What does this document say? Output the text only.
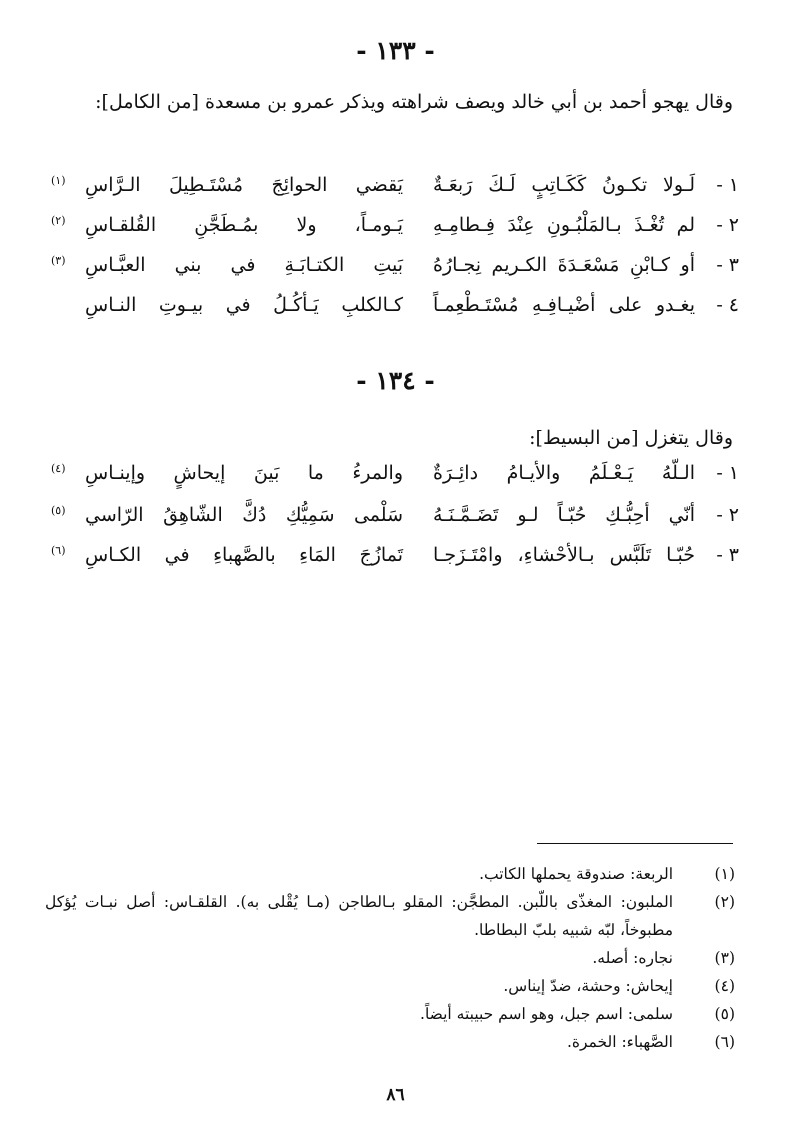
- ١٣٣ -
وقال يهجو أحمد بن أبي خالد ويصف شراهته ويذكر عمرو بن مسعدة [من الكامل]:
١ -
لَـولا تكـونُ كَكَـاتِبٍ لَـكَ رَبعَـةٌ
يَقضي الحوائِجَ مُسْتَـطِيلَ الـرَّاسِ
(١)
٢ -
لم تُغْـذَ بـالمَلْبُـونِ عِنْدَ فِـطامِـهِ
يَـومـاً، ولا بمُـطَجَّنِ القُلقـاسِ
(٢)
٣ -
أو كـابْنِ مَسْعَـدَةَ الكـريم نِجـارُهُ
بَيتِ الكتـابَـةِ في بني العبَّـاسِ
(٣)
٤ -
يغـدو على أضْيـافِـهِ مُسْتَـطْعِمـاً
كـالكلبِ يَـأكُـلُ في بيـوتِ النـاسِ
- ١٣٤ -
وقال يتغزل [من البسيط]:
١ -
الـلّهُ يَـعْـلَمُ والأيـامُ دائِـرَةٌ
والمرءُ ما بَينَ إيحاشٍ وإينـاسِ
(٤)
٢ -
أنّي أحِبُّـكِ حُبّـاً لـو تَضَـمَّـنَـهُ
سَلْمى سَمِيُّكِ دُكَّ الشّاهِقُ الرّاسي
(٥)
٣ -
حُبّـا تَلَبَّس بـالأحْشاءِ، وامْتَـزَجـا
تَمازُجَ المَاءِ بالصَّهباءِ في الكـاسِ
(٦)
(١)
الربعة: صندوقة يحملها الكاتب.
(٢)
الملبون: المغذّى باللّبن. المطجَّن: المقلو بـالطاجن (مـا يُقْلى به). القلقـاس: أصل نبـات يُؤكل مطبوخاً، لبّه شبيه بلبّ البطاطا.
(٣)
نجاره: أصله.
(٤)
إيحاش: وحشة، ضدّ إيناس.
(٥)
سلمى: اسم جبل، وهو اسم حبيبته أيضاً.
(٦)
الصَّهباء: الخمرة.
٨٦
